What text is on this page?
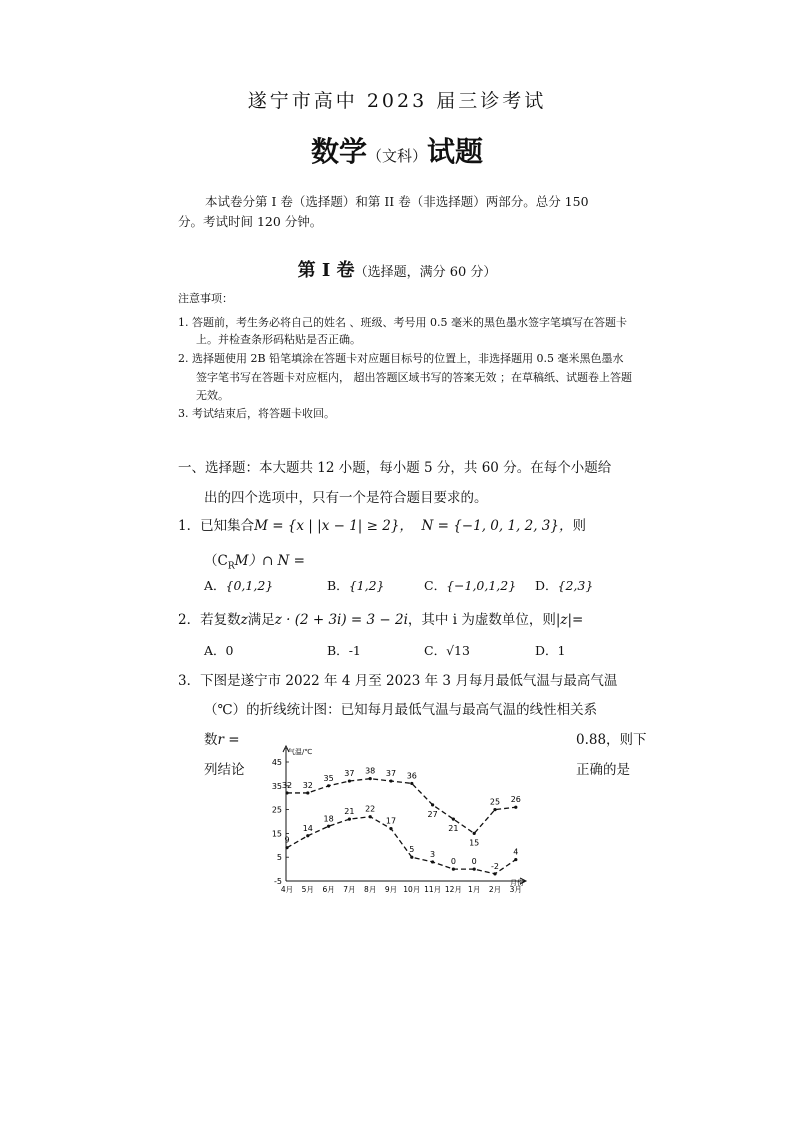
遂宁市高中 2023 届三诊考试
数学（文科）试题
本试卷分第 I 卷（选择题）和第 II 卷（非选择题）两部分。总分 150
分。考试时间 120 分钟。
第 Ⅰ 卷（选择题，满分 60 分）
注意事项：
1. 答题前，考生务必将自己的姓名 、班级、考号用 0.5 毫米的黑色墨水签字笔填写在答题卡
上。并检查条形码粘贴是否正确。
2. 选择题使用 2B 铅笔填涂在答题卡对应题目标号的位置上，非选择题用 0.5 毫米黑色墨水
签字笔书写在答题卡对应框内， 超出答题区域书写的答案无效 ；在草稿纸、试题卷上答题
无效。
3. 考试结束后，将答题卡收回。
一、选择题：本大题共 12 小题，每小题 5 分，共 60 分。在每个小题给
出的四个选项中，只有一个是符合题目要求的。
1．已知集合M = {x | |x − 1| ≥ 2}， N = {−1, 0, 1, 2, 3}，则
$(C_RM)\cap$ N =
A．{0,1,2}	B．{1,2}	C．{−1,0,1,2} D．{2,3}
2．若复数z满足z · (2 + 3i) = 3 − 2i，其中 i 为虚数单位，则|z|=
A．0	B．-1	C．√13	D．1
3．下图是遂宁市 2022 年 4 月至 2023 年 3 月每月最低气温与最高气温
（℃）的折线统计图：已知每月最低气温与最高气温的线性相关系
数r =	0.88，则下
列结论	正确的是
气温/℃
月份
-5
5
15
25
35
45
4月 5月 6月 7月 8月 9月 10月 11月 12月 1月 2月 3月
32 32
35
37 38 37 36
27
21
15
25 26
9
14
18
21 22
17
5
3
0 0
-2
4
